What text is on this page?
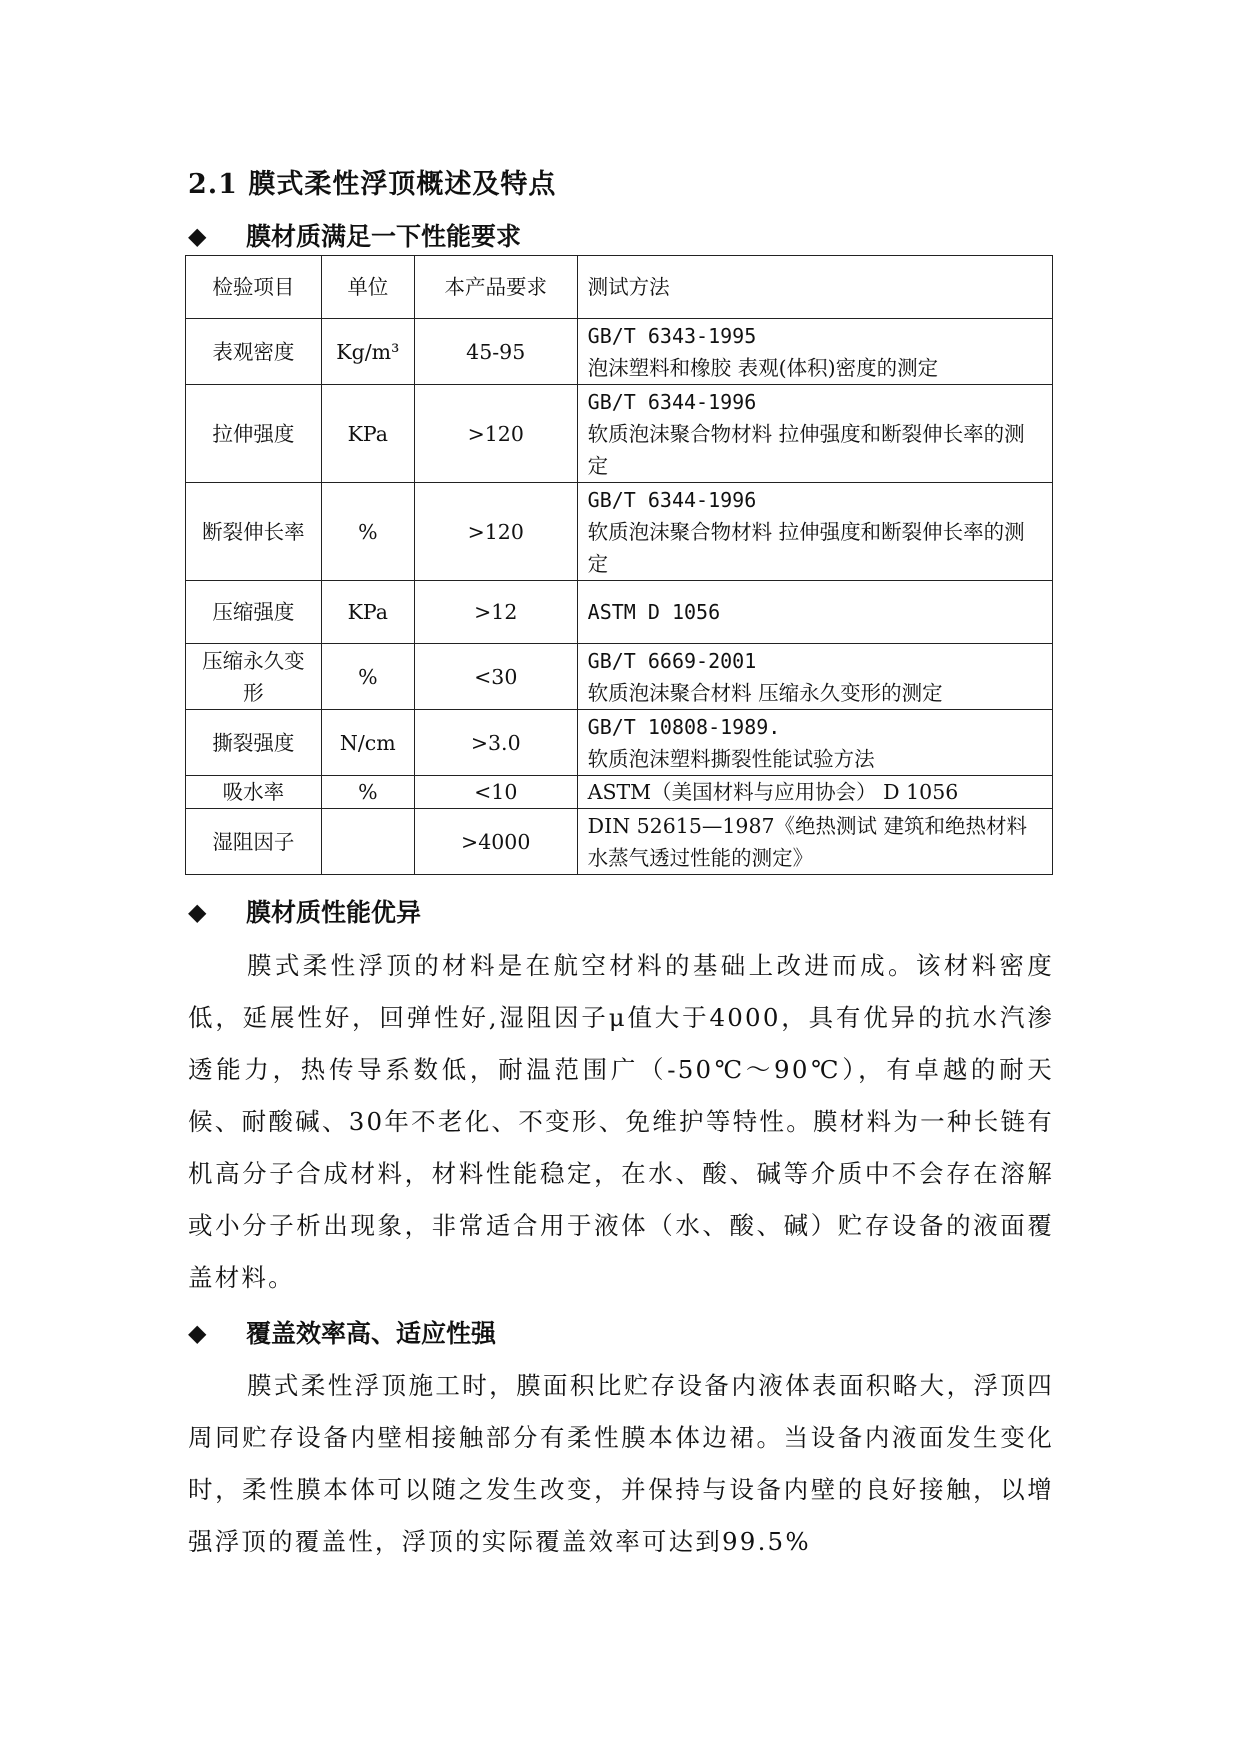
2.1 膜式柔性浮顶概述及特点
◆	膜材质满足一下性能要求
检验项目	单位	本产品要求	测试方法
表观密度	Kg/m³	45-95	GB/T 6343-1995
泡沫塑料和橡胶 表观(体积)密度的测定

拉伸强度	KPa	>120	GB/T 6344-1996
软质泡沫聚合物材料 拉伸强度和断裂伸长率的测定

断裂伸长率	%	>120	GB/T 6344-1996
软质泡沫聚合物材料 拉伸强度和断裂伸长率的测定

压缩强度	KPa	>12	ASTM D 1056

压缩永久变形	%	<30	GB/T 6669-2001
软质泡沫聚合材料 压缩永久变形的测定

撕裂强度	N/cm	>3.0	GB/T 10808-1989.
软质泡沫塑料撕裂性能试验方法

吸水率	%	<10	ASTM（美国材料与应用协会） D 1056

湿阻因子		>4000	DIN 52615—1987《绝热测试 建筑和绝热材料水蒸气透过性能的测定》
◆	膜材质性能优异
膜式柔性浮顶的材料是在航空材料的基础上改进而成。该材料密度低，延展性好，回弹性好,湿阻因子μ值大于4000，具有优异的抗水汽渗透能力，热传导系数低，耐温范围广（-50℃～90℃），有卓越的耐天候、耐酸碱、30年不老化、不变形、免维护等特性。膜材料为一种长链有机高分子合成材料，材料性能稳定，在水、酸、碱等介质中不会存在溶解或小分子析出现象，非常适合用于液体（水、酸、碱）贮存设备的液面覆盖材料。
◆	覆盖效率高、适应性强
膜式柔性浮顶施工时，膜面积比贮存设备内液体表面积略大，浮顶四周同贮存设备内壁相接触部分有柔性膜本体边裙。当设备内液面发生变化时，柔性膜本体可以随之发生改变，并保持与设备内壁的良好接触，以增强浮顶的覆盖性，浮顶的实际覆盖效率可达到99.5%
